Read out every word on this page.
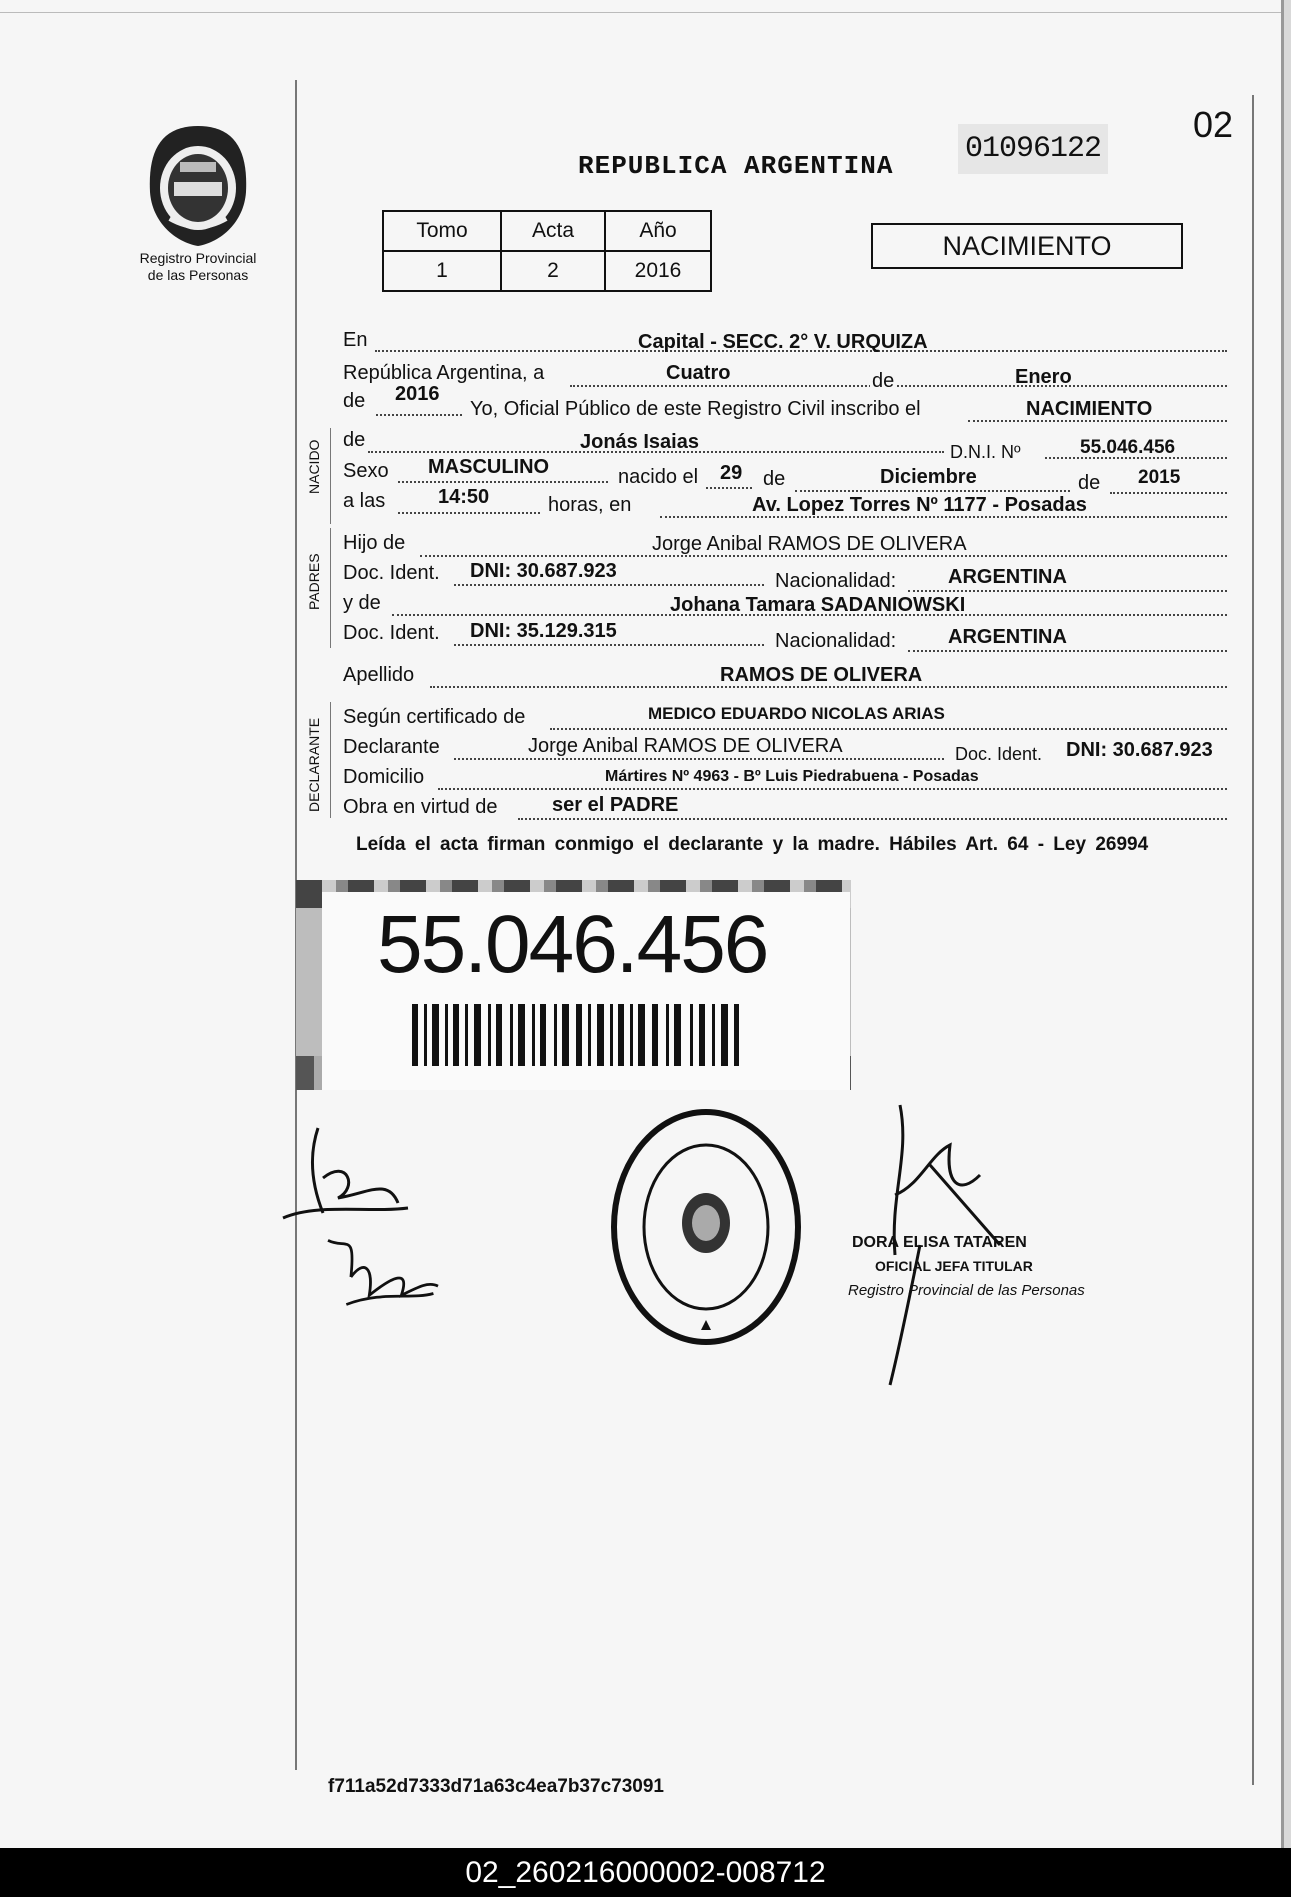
02
Registro Provincial
de las Personas
REPUBLICA ARGENTINA 01096122
Tomo	Acta	Año
1	2	2016
NACIMIENTO
En	Capital - SECC. 2° V. URQUIZA
República Argentina, a	Cuatro	de	Enero
de 2016
Yo, Oficial Público de este Registro Civil inscribo el	NACIMIENTO
NACIDO de	Jonás Isaias	D.N.I. Nº	55.046.456
Sexo MASCULINO	nacido el 29 de	Diciembre	de 2015
a las	14:50	horas, en	Av. Lopez Torres Nº 1177 - Posadas
PADRES
Hijo de	Jorge Anibal RAMOS DE OLIVERA
Doc. Ident. DNI: 30.687.923	Nacionalidad:	ARGENTINA
y de	Johana Tamara SADANIOWSKI
Doc. Ident. DNI: 35.129.315	Nacionalidad:	ARGENTINA
Apellido	RAMOS DE OLIVERA
DECLARANTE
Según certificado de	MEDICO EDUARDO NICOLAS ARIAS
Declarante	Jorge Anibal RAMOS DE OLIVERA	Doc. Ident. DNI: 30.687.923
Domicilio	Mártires Nº 4963 - Bº Luis Piedrabuena - Posadas
Obra en virtud de	ser el PADRE
Leída el acta firman conmigo el declarante y la madre. Hábiles Art. 64 - Ley 26994
55.046.456
DORA ELISA TATAREN
OFICIAL JEFA TITULAR
Registro Provincial de las Personas
f711a52d7333d71a63c4ea7b37c73091
02_260216000002-008712
